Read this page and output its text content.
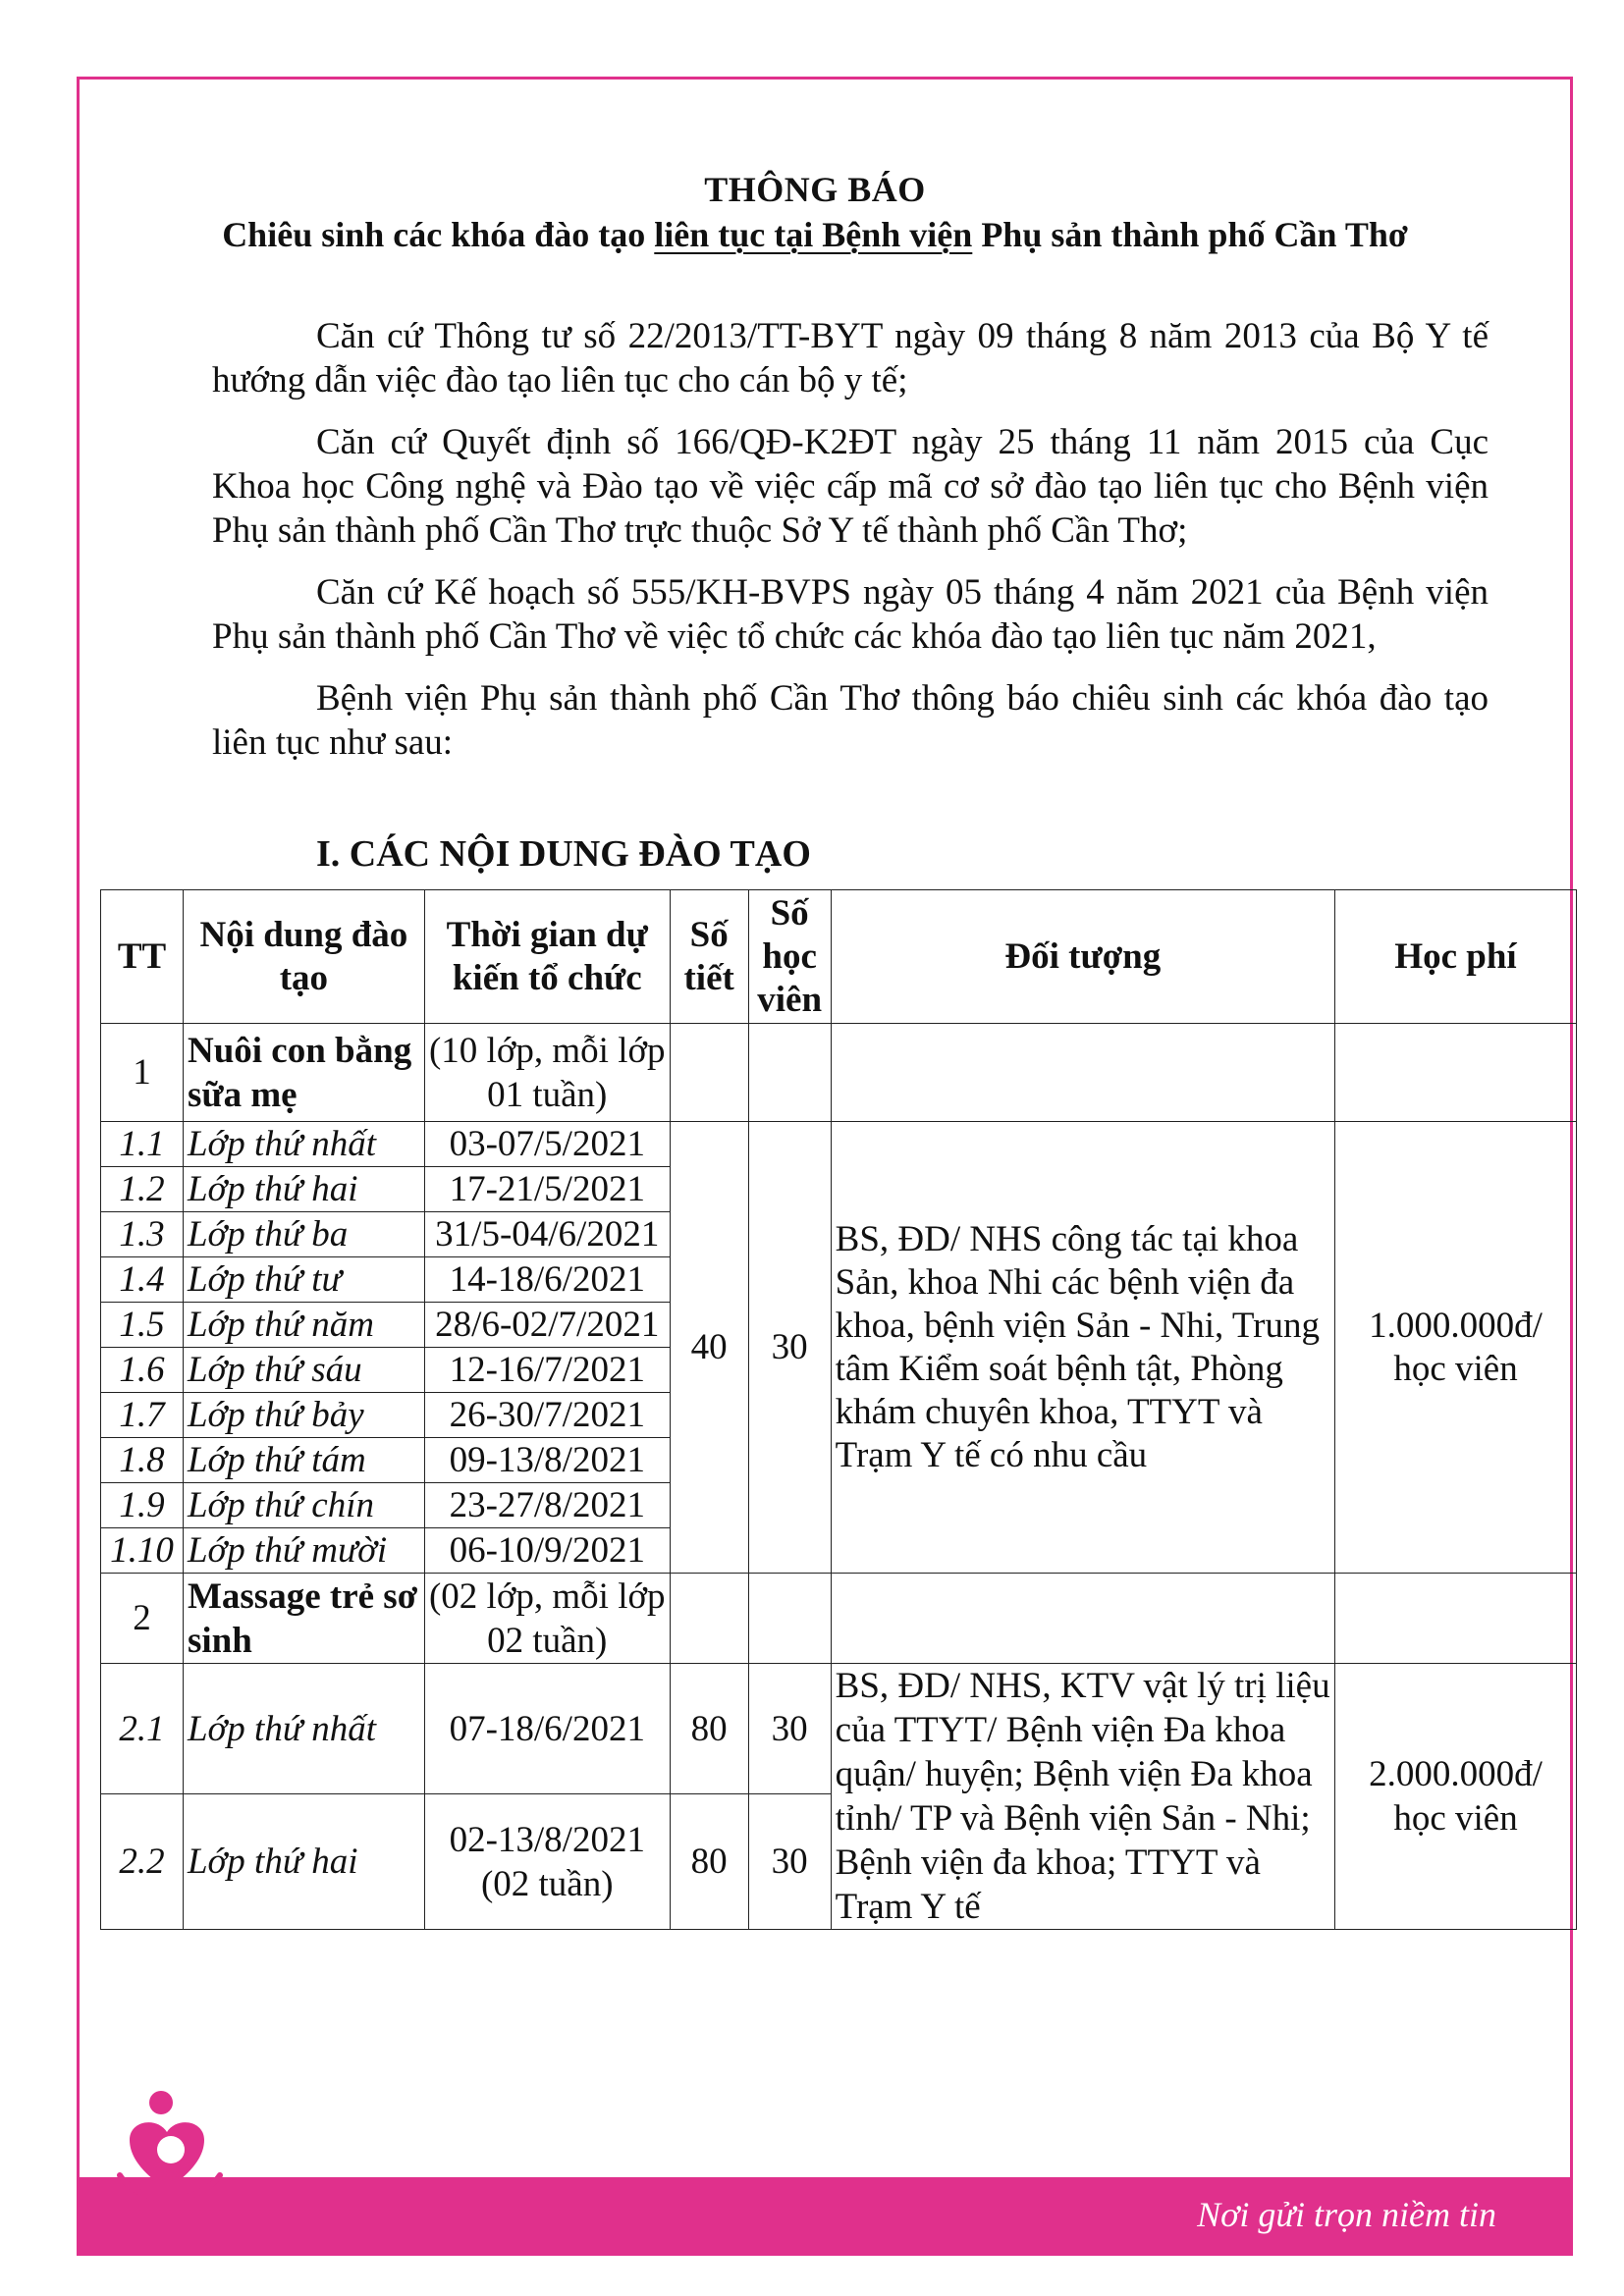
THÔNG BÁO
Chiêu sinh các khóa đào tạo liên tục tại Bệnh viện Phụ sản thành phố Cần Thơ

Căn cứ Thông tư số 22/2013/TT-BYT ngày 09 tháng 8 năm 2013 của Bộ Y tế hướng dẫn việc đào tạo liên tục cho cán bộ y tế;

Căn cứ Quyết định số 166/QĐ-K2ĐT ngày 25 tháng 11 năm 2015 của Cục Khoa học Công nghệ và Đào tạo về việc cấp mã cơ sở đào tạo liên tục cho Bệnh viện Phụ sản thành phố Cần Thơ trực thuộc Sở Y tế thành phố Cần Thơ;

Căn cứ Kế hoạch số 555/KH-BVPS ngày 05 tháng 4 năm 2021 của Bệnh viện Phụ sản thành phố Cần Thơ về việc tổ chức các khóa đào tạo liên tục năm 2021,

Bệnh viện Phụ sản thành phố Cần Thơ thông báo chiêu sinh các khóa đào tạo liên tục như sau:

I. CÁC NỘI DUNG ĐÀO TẠO
TT	Nội dung đào tạo	Thời gian dự kiến tổ chức	Số tiết	Số học viên	Đối tượng	Học phí
1	Nuôi con bằng sữa mẹ	(10 lớp, mỗi lớp 01 tuần)				
1.1	Lớp thứ nhất	03-07/5/2021	40	30	BS, ĐD/ NHS công tác tại khoa Sản, khoa Nhi các bệnh viện đa khoa, bệnh viện Sản - Nhi, Trung tâm Kiểm soát bệnh tật, Phòng khám chuyên khoa, TTYT và Trạm Y tế có nhu cầu	1.000.000đ/ học viên
1.2	Lớp thứ hai	17-21/5/2021				
1.3	Lớp thứ ba	31/5-04/6/2021				
1.4	Lớp thứ tư	14-18/6/2021				
1.5	Lớp thứ năm	28/6-02/7/2021				
1.6	Lớp thứ sáu	12-16/7/2021				
1.7	Lớp thứ bảy	26-30/7/2021				
1.8	Lớp thứ tám	09-13/8/2021				
1.9	Lớp thứ chín	23-27/8/2021				
1.10	Lớp thứ mười	06-10/9/2021				
2	Massage trẻ sơ sinh	(02 lớp, mỗi lớp 02 tuần)				
2.1	Lớp thứ nhất	07-18/6/2021	80	30	BS, ĐD/ NHS, KTV vật lý trị liệu của TTYT/ Bệnh viện Đa khoa quận/ huyện; Bệnh viện Đa khoa tỉnh/ TP và Bệnh viện Sản - Nhi; Bệnh viện đa khoa; TTYT và Trạm Y tế	2.000.000đ/ học viên
2.2	Lớp thứ hai	02-13/8/2021 (02 tuần)	80	30		
Nơi gửi trọn niềm tin
